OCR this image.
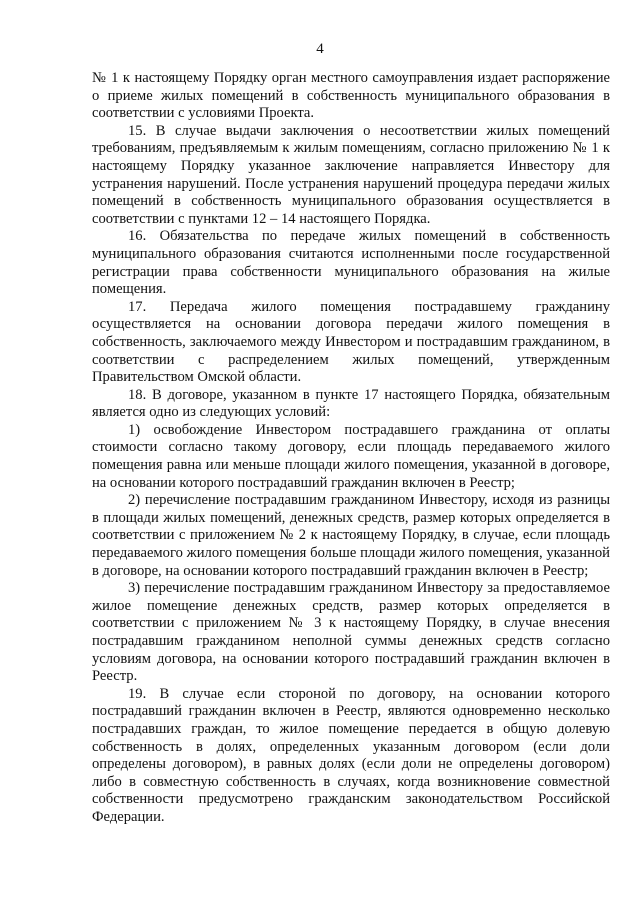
4

№ 1 к настоящему Порядку орган местного самоуправления издает распоряжение о приеме жилых помещений в собственность муниципального образования в соответствии с условиями Проекта.

15. В случае выдачи заключения о несоответствии жилых помещений требованиям, предъявляемым к жилым помещениям, согласно приложению № 1 к настоящему Порядку указанное заключение направляется Инвестору для устранения нарушений. После устранения нарушений процедура передачи жилых помещений в собственность муниципального образования осуществляется в соответствии с пунктами 12 – 14 настоящего Порядка.

16. Обязательства по передаче жилых помещений в собственность муниципального образования считаются исполненными после государственной регистрации права собственности муниципального образования на жилые помещения.

17. Передача жилого помещения пострадавшему гражданину осуществляется на основании договора передачи жилого помещения в собственность, заключаемого между Инвестором и пострадавшим гражданином, в соответствии с распределением жилых помещений, утвержденным Правительством Омской области.

18. В договоре, указанном в пункте 17 настоящего Порядка, обязательным является одно из следующих условий:

1) освобождение Инвестором пострадавшего гражданина от оплаты стоимости согласно такому договору, если площадь передаваемого жилого помещения равна или меньше площади жилого помещения, указанной в договоре, на основании которого пострадавший гражданин включен в Реестр;

2) перечисление пострадавшим гражданином Инвестору, исходя из разницы в площади жилых помещений, денежных средств, размер которых определяется в соответствии с приложением № 2 к настоящему Порядку, в случае, если площадь передаваемого жилого помещения больше площади жилого помещения, указанной в договоре, на основании которого пострадавший гражданин включен в Реестр;

3) перечисление пострадавшим гражданином Инвестору за предоставляемое жилое помещение денежных средств, размер которых определяется в соответствии с приложением № 3 к настоящему Порядку, в случае внесения пострадавшим гражданином неполной суммы денежных средств согласно условиям договора, на основании которого пострадавший гражданин включен в Реестр.

19. В случае если стороной по договору, на основании которого пострадавший гражданин включен в Реестр, являются одновременно несколько пострадавших граждан, то жилое помещение передается в общую долевую собственность в долях, определенных указанным договором (если доли определены договором), в равных долях (если доли не определены договором) либо в совместную собственность в случаях, когда возникновение совместной собственности предусмотрено гражданским законодательством Российской Федерации.
